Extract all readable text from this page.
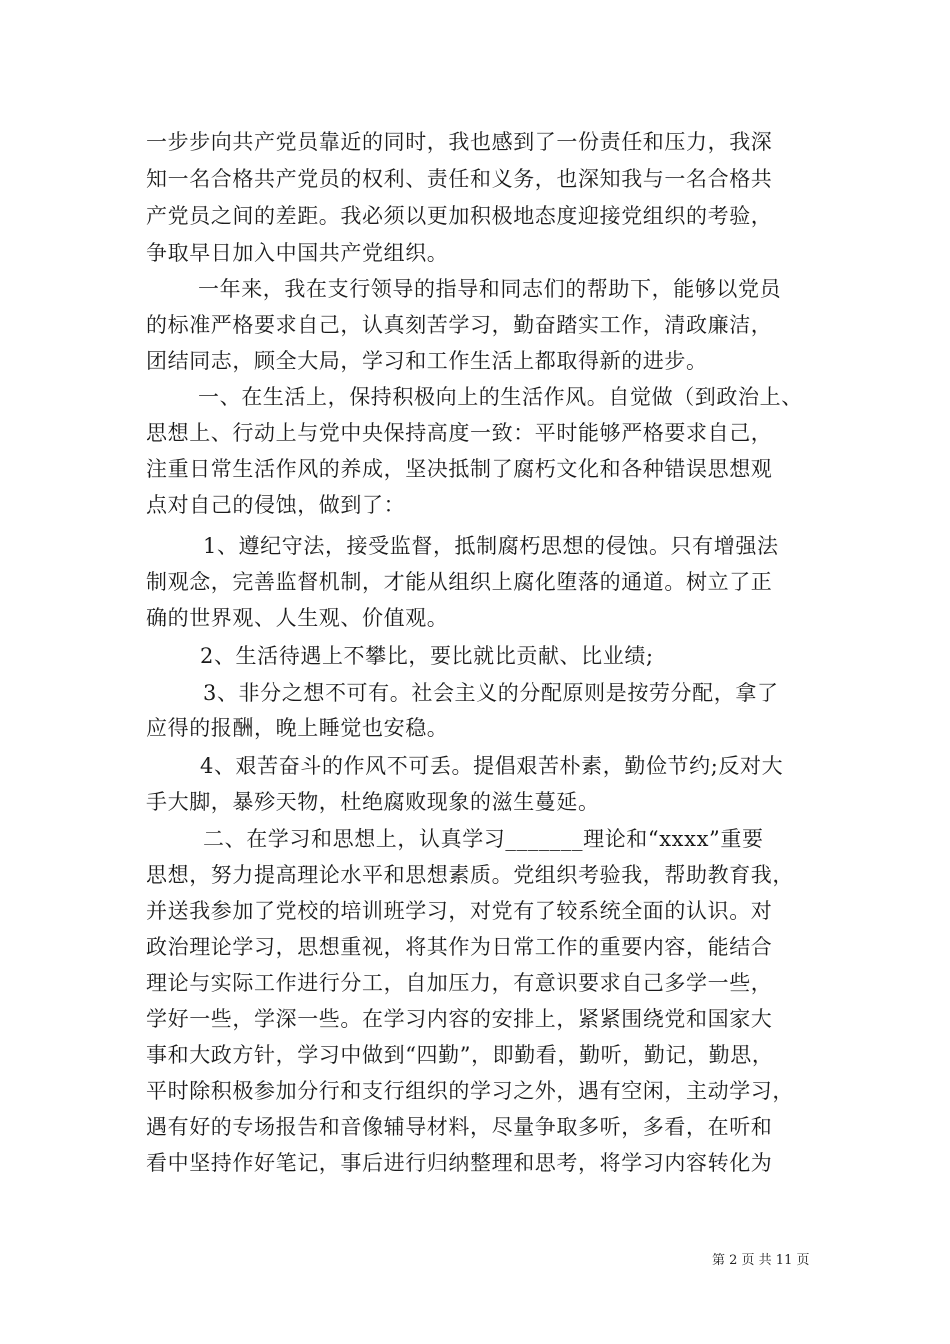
一步步向共产党员靠近的同时，我也感到了一份责任和压力，我深

知一名合格共产党员的权利、责任和义务，也深知我与一名合格共

产党员之间的差距。我必须以更加积极地态度迎接党组织的考验，

争取早日加入中国共产党组织。

一年来，我在支行领导的指导和同志们的帮助下，能够以党员

的标准严格要求自己，认真刻苦学习，勤奋踏实工作，清政廉洁，

团结同志，顾全大局，学习和工作生活上都取得新的进步。

一、在生活上，保持积极向上的生活作风。自觉做（到政治上、

思想上、行动上与党中央保持高度一致：平时能够严格要求自己，

注重日常生活作风的养成，坚决抵制了腐朽文化和各种错误思想观

点对自己的侵蚀，做到了：

1、遵纪守法，接受监督，抵制腐朽思想的侵蚀。只有增强法

制观念，完善监督机制，才能从组织上腐化堕落的通道。树立了正

确的世界观、人生观、价值观。

2、生活待遇上不攀比，要比就比贡献、比业绩;

3、非分之想不可有。社会主义的分配原则是按劳分配，拿了

应得的报酬，晚上睡觉也安稳。

4、艰苦奋斗的作风不可丢。提倡艰苦朴素，勤俭节约;反对大

手大脚，暴殄天物，杜绝腐败现象的滋生蔓延。

二、在学习和思想上，认真学习_______理论和“xxxx”重要

思想，努力提高理论水平和思想素质。党组织考验我，帮助教育我，

并送我参加了党校的培训班学习，对党有了较系统全面的认识。对

政治理论学习，思想重视，将其作为日常工作的重要内容，能结合

理论与实际工作进行分工，自加压力，有意识要求自己多学一些，

学好一些，学深一些。在学习内容的安排上，紧紧围绕党和国家大

事和大政方针，学习中做到“四勤”，即勤看，勤听，勤记，勤思，

平时除积极参加分行和支行组织的学习之外，遇有空闲，主动学习，

遇有好的专场报告和音像辅导材料，尽量争取多听，多看，在听和

看中坚持作好笔记，事后进行归纳整理和思考，将学习内容转化为

第 2 页 共 11 页
